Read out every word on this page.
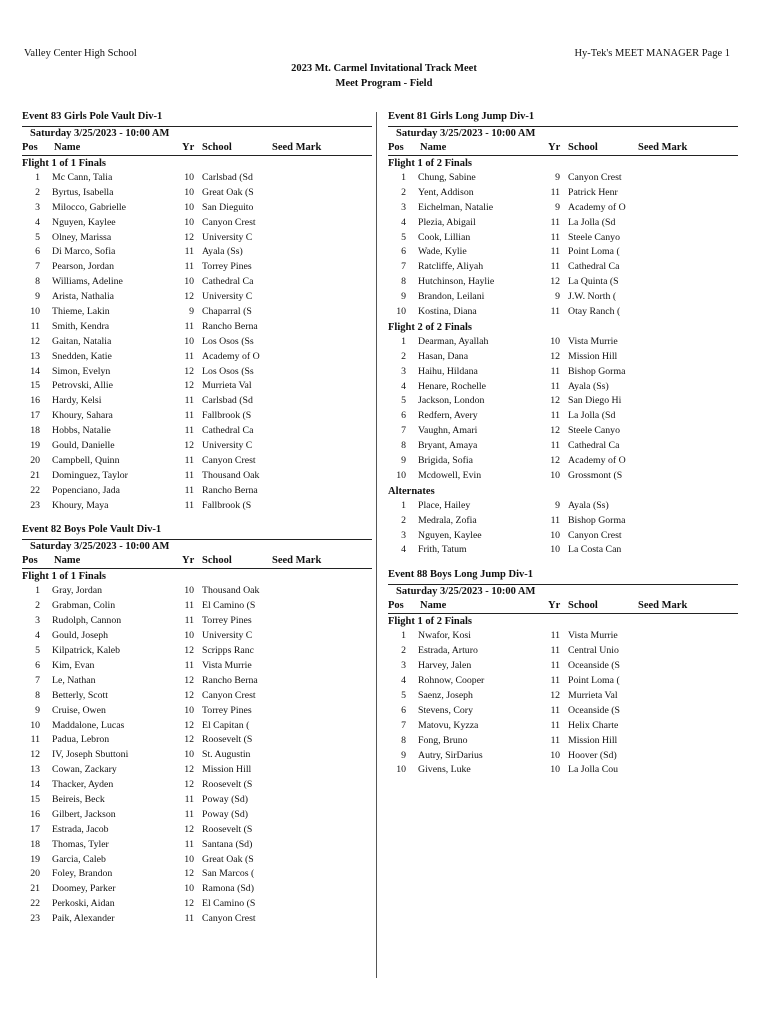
Valley Center High School	Hy-Tek's MEET MANAGER Page 1
2023 Mt. Carmel Invitational Track Meet
Meet Program - Field
Event 83 Girls Pole Vault Div-1
Saturday 3/25/2023 - 10:00 AM
Pos Name	Yr School	Seed Mark
Flight 1 of 1 Finals
1 Mc Cann, Talia	10 Carlsbad (Sd
2 Byrtus, Isabella	10 Great Oak (S
3 Milocco, Gabrielle	10 San Dieguito
4 Nguyen, Kaylee	10 Canyon Crest
5 Olney, Marissa	12 University C
6 Di Marco, Sofia	11 Ayala (Ss)
7 Pearson, Jordan	11 Torrey Pines
8 Williams, Adeline	10 Cathedral Ca
9 Arista, Nathalia	12 University C
10 Thieme, Lakin	9 Chaparral (S
11 Smith, Kendra	11 Rancho Berna
12 Gaitan, Natalia	10 Los Osos (Ss
13 Snedden, Katie	11 Academy of O
14 Simon, Evelyn	12 Los Osos (Ss
15 Petrovski, Allie	12 Murrieta Val
16 Hardy, Kelsi	11 Carlsbad (Sd
17 Khoury, Sahara	11 Fallbrook (S
18 Hobbs, Natalie	11 Cathedral Ca
19 Gould, Danielle	12 University C
20 Campbell, Quinn	11 Canyon Crest
21 Dominguez, Taylor	11 Thousand Oak
22 Popenciano, Jada	11 Rancho Berna
23 Khoury, Maya	11 Fallbrook (S
Event 82 Boys Pole Vault Div-1
Saturday 3/25/2023 - 10:00 AM
Pos Name	Yr School	Seed Mark
Flight 1 of 1 Finals
1 Gray, Jordan	10 Thousand Oak
2 Grabman, Colin	11 El Camino (S
3 Rudolph, Cannon	11 Torrey Pines
4 Gould, Joseph	10 University C
5 Kilpatrick, Kaleb	12 Scripps Ranc
6 Kim, Evan	11 Vista Murrie
7 Le, Nathan	12 Rancho Berna
8 Betterly, Scott	12 Canyon Crest
9 Cruise, Owen	10 Torrey Pines
10 Maddalone, Lucas	12 El Capitan (
11 Padua, Lebron	12 Roosevelt (S
12 IV, Joseph Sbuttoni	10 St. Augustin
13 Cowan, Zackary	12 Mission Hill
14 Thacker, Ayden	12 Roosevelt (S
15 Beireis, Beck	11 Poway (Sd)
16 Gilbert, Jackson	11 Poway (Sd)
17 Estrada, Jacob	12 Roosevelt (S
18 Thomas, Tyler	11 Santana (Sd)
19 Garcia, Caleb	10 Great Oak (S
20 Foley, Brandon	12 San Marcos (
21 Doomey, Parker	10 Ramona (Sd)
22 Perkoski, Aidan	12 El Camino (S
23 Paik, Alexander	11 Canyon Crest
Event 81 Girls Long Jump Div-1
Saturday 3/25/2023 - 10:00 AM
Pos Name	Yr School	Seed Mark
Flight 1 of 2 Finals
1 Chung, Sabine	9 Canyon Crest
2 Yent, Addison	11 Patrick Henr
3 Eichelman, Natalie	9 Academy of O
4 Plezia, Abigail	11 La Jolla (Sd
5 Cook, Lillian	11 Steele Canyo
6 Wade, Kylie	11 Point Loma (
7 Ratcliffe, Aliyah	11 Cathedral Ca
8 Hutchinson, Haylie	12 La Quinta (S
9 Brandon, Leilani	9 J.W. North (
10 Kostina, Diana	11 Otay Ranch (
Flight 2 of 2 Finals
1 Dearman, Ayallah	10 Vista Murrie
2 Hasan, Dana	12 Mission Hill
3 Haihu, Hildana	11 Bishop Gorma
4 Henare, Rochelle	11 Ayala (Ss)
5 Jackson, London	12 San Diego Hi
6 Redfern, Avery	11 La Jolla (Sd
7 Vaughn, Amari	12 Steele Canyo
8 Bryant, Amaya	11 Cathedral Ca
9 Brigida, Sofia	12 Academy of O
10 Mcdowell, Evin	10 Grossmont (S
Alternates
1 Place, Hailey	9 Ayala (Ss)
2 Medrala, Zofia	11 Bishop Gorma
3 Nguyen, Kaylee	10 Canyon Crest
4 Frith, Tatum	10 La Costa Can
Event 88 Boys Long Jump Div-1
Saturday 3/25/2023 - 10:00 AM
Pos Name	Yr School	Seed Mark
Flight 1 of 2 Finals
1 Nwafor, Kosi	11 Vista Murrie
2 Estrada, Arturo	11 Central Unio
3 Harvey, Jalen	11 Oceanside (S
4 Rohnow, Cooper	11 Point Loma (
5 Saenz, Joseph	12 Murrieta Val
6 Stevens, Cory	11 Oceanside (S
7 Matovu, Kyzza	11 Helix Charte
8 Fong, Bruno	11 Mission Hill
9 Autry, SirDarius	10 Hoover (Sd)
10 Givens, Luke	10 La Jolla Cou
